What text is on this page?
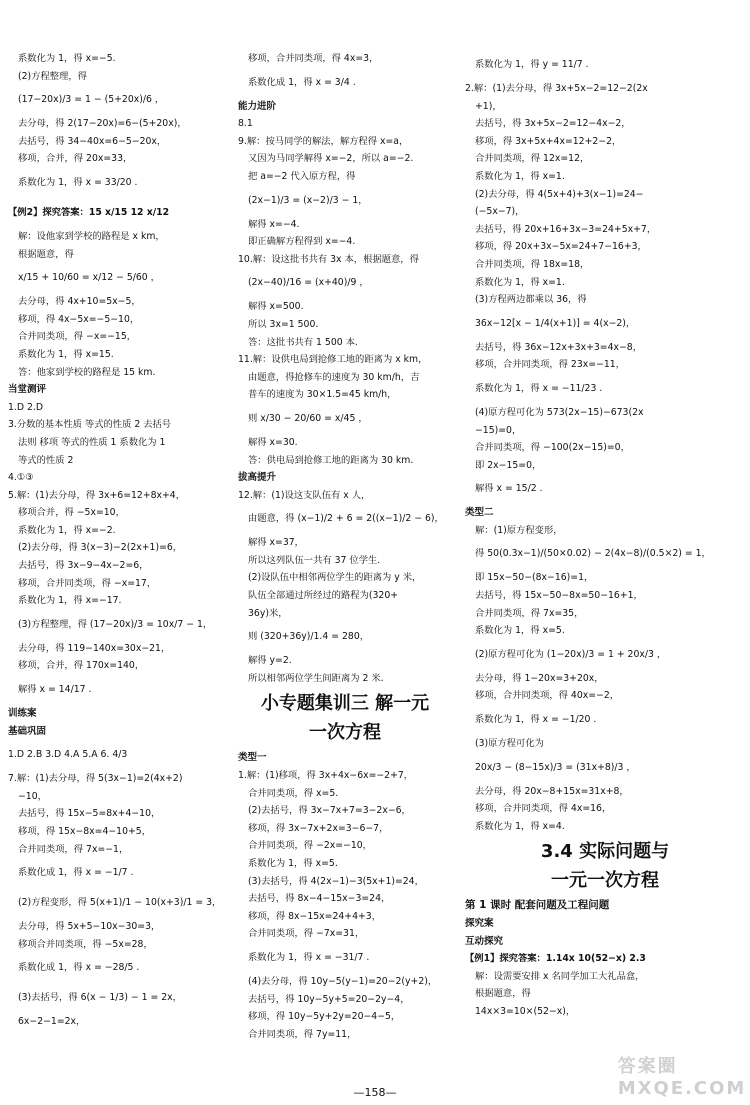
系数化为 1，得 x=−5.
(2)方程整理，得
(17−20x)/3 = 1 − (5+20x)/6 ，
去分母，得 2(17−20x)=6−(5+20x)，
去括号，得 34−40x=6−5−20x，
移项，合并，得 20x=33，
系数化为 1，得 x = 33/20 .
【例2】探究答案：15 x/15 12 x/12
解：设他家到学校的路程是 x km，
根据题意，得
x/15 + 10/60 = x/12 − 5/60 ，
去分母，得 4x+10=5x−5，
移项，得 4x−5x=−5−10，
合并同类项，得 −x=−15，
系数化为 1，得 x=15.
答：他家到学校的路程是 15 km.
当堂测评
1.D 2.D
3.分数的基本性质 等式的性质 2 去括号
法则 移项 等式的性质 1 系数化为 1
等式的性质 2
4.①③
5.解：(1)去分母，得 3x+6=12+8x+4，
移项合并，得 −5x=10，
系数化为 1，得 x=−2.
(2)去分母，得 3(x−3)−2(2x+1)=6，
去括号，得 3x−9−4x−2=6，
移项，合并同类项，得 −x=17，
系数化为 1，得 x=−17.
(3)方程整理，得 (17−20x)/3 = 10x/7 − 1，
去分母，得 119−140x=30x−21，
移项，合并，得 170x=140，
解得 x = 14/17 .
训练案
基础巩固
1.D 2.B 3.D 4.A 5.A 6. 4/3
7.解：(1)去分母，得 5(3x−1)=2(4x+2)
−10，
去括号，得 15x−5=8x+4−10，
移项，得 15x−8x=4−10+5，
合并同类项，得 7x=−1，
系数化成 1，得 x = −1/7 .
(2)方程变形，得 5(x+1)/1 − 10(x+3)/1 = 3，
去分母，得 5x+5−10x−30=3，
移项合并同类项，得 −5x=28，
系数化成 1，得 x = −28/5 .
(3)去括号，得 6(x − 1/3) − 1 = 2x，
6x−2−1=2x，
移项，合并同类项，得 4x=3，
系数化成 1，得 x = 3/4 .
能力进阶
8.1
9.解：按马同学的解法，解方程得 x=a，
又因为马同学解得 x=−2，所以 a=−2.
把 a=−2 代入原方程，得
(2x−1)/3 = (x−2)/3 − 1，
解得 x=−4.
即正确解方程得到 x=−4.
10.解：设这批书共有 3x 本，根据题意，得
(2x−40)/16 = (x+40)/9 ，
解得 x=500.
所以 3x=1 500.
答：这批书共有 1 500 本.
11.解：设供电局到抢修工地的距离为 x km，
由题意，得抢修车的速度为 30 km/h，吉
普车的速度为 30×1.5=45 km/h，
则 x/30 − 20/60 = x/45 ，
解得 x=30.
答：供电局到抢修工地的距离为 30 km.
拔高提升
12.解：(1)设这支队伍有 x 人，
由题意，得 (x−1)/2 + 6 = 2((x−1)/2 − 6)，
解得 x=37，
所以这列队伍一共有 37 位学生.
(2)设队伍中相邻两位学生的距离为 y 米，
队伍全部通过所经过的路程为(320+
36y)米，
则 (320+36y)/1.4 = 280，
解得 y=2.
所以相邻两位学生间距离为 2 米.
小专题集训三 解一元
一次方程
类型一
1.解：(1)移项，得 3x+4x−6x=−2+7，
合并同类项，得 x=5.
(2)去括号，得 3x−7x+7=3−2x−6，
移项，得 3x−7x+2x=3−6−7，
合并同类项，得 −2x=−10，
系数化为 1，得 x=5.
(3)去括号，得 4(2x−1)−3(5x+1)=24，
去括号，得 8x−4−15x−3=24，
移项，得 8x−15x=24+4+3，
合并同类项，得 −7x=31，
系数化为 1，得 x = −31/7 .
(4)去分母，得 10y−5(y−1)=20−2(y+2)，
去括号，得 10y−5y+5=20−2y−4，
移项，得 10y−5y+2y=20−4−5，
合并同类项，得 7y=11，
系数化为 1，得 y = 11/7 .
2.解：(1)去分母，得 3x+5x−2=12−2(2x
+1)，
去括号，得 3x+5x−2=12−4x−2，
移项，得 3x+5x+4x=12+2−2，
合并同类项，得 12x=12，
系数化为 1，得 x=1.
(2)去分母，得 4(5x+4)+3(x−1)=24−
(−5x−7)，
去括号，得 20x+16+3x−3=24+5x+7，
移项，得 20x+3x−5x=24+7−16+3，
合并同类项，得 18x=18，
系数化为 1，得 x=1.
(3)方程两边都乘以 36，得
36x−12[x − 1/4(x+1)] = 4(x−2)，
去括号，得 36x−12x+3x+3=4x−8，
移项，合并同类项，得 23x=−11，
系数化为 1，得 x = −11/23 .
(4)原方程可化为 573(2x−15)−673(2x
−15)=0，
合并同类项，得 −100(2x−15)=0，
即 2x−15=0，
解得 x = 15/2 .
类型二
解：(1)原方程变形，
得 50(0.3x−1)/(50×0.02) − 2(4x−8)/(0.5×2) = 1，
即 15x−50−(8x−16)=1，
去括号，得 15x−50−8x=50−16+1，
合并同类项，得 7x=35，
系数化为 1，得 x=5.
(2)原方程可化为 (1−20x)/3 = 1 + 20x/3 ，
去分母，得 1−20x=3+20x，
移项，合并同类项，得 40x=−2，
系数化为 1，得 x = −1/20 .
(3)原方程可化为
20x/3 − (8−15x)/3 = (31x+8)/3 ，
去分母，得 20x−8+15x=31x+8，
移项，合并同类项，得 4x=16，
系数化为 1，得 x=4.
3.4 实际问题与
一元一次方程
第 1 课时 配套问题及工程问题
探究案
互动探究
【例1】探究答案：1.14x 10(52−x) 2.3
解：设需要安排 x 名同学加工大礼品盒，
根据题意，得
14x×3=10×(52−x)，
—158—
答案圈 MXQE.COM
